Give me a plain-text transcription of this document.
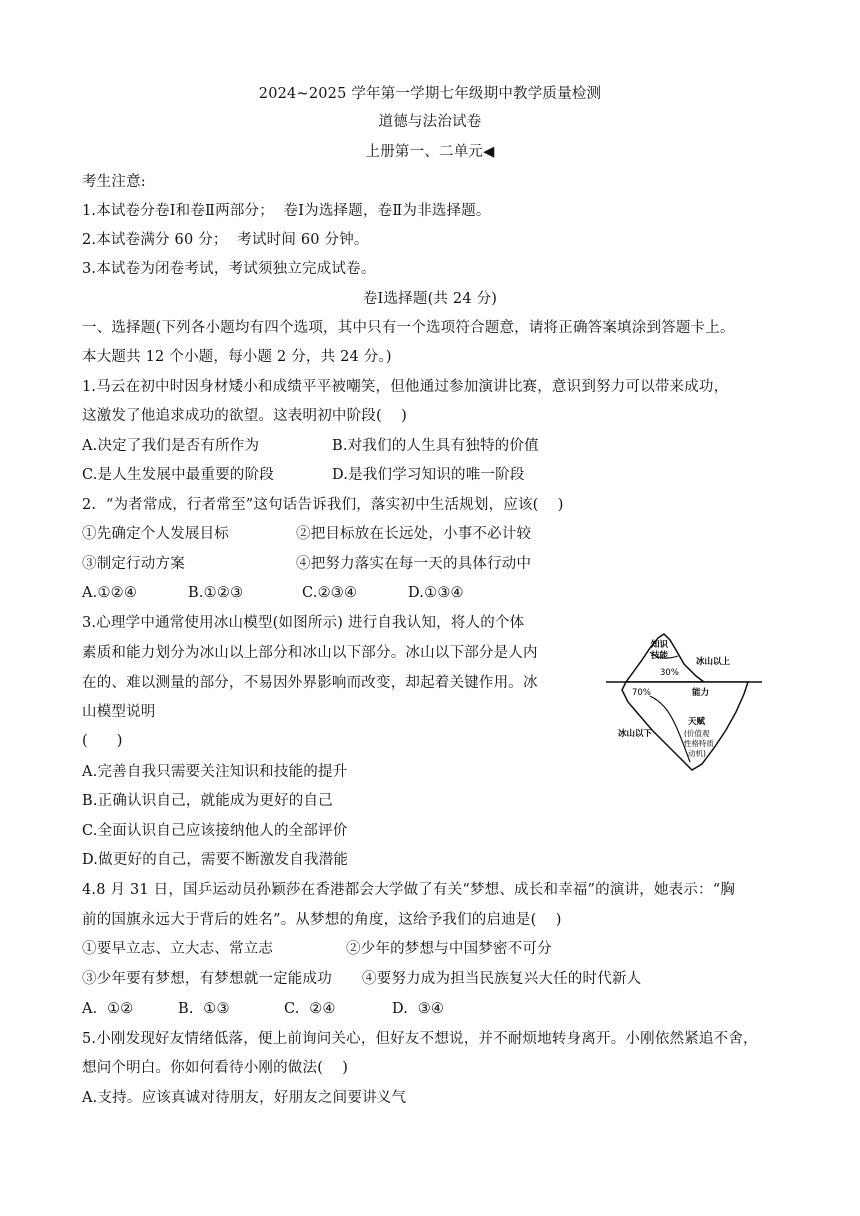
2024~2025 学年第一学期七年级期中教学质量检测
道德与法治试卷
上册第一、二单元◀
考生注意:
1.本试卷分卷Ⅰ和卷Ⅱ两部分；  卷Ⅰ为选择题，卷Ⅱ为非选择题。
2.本试卷满分 60 分；  考试时间 60 分钟。
3.本试卷为闭卷考试，考试须独立完成试卷。
卷Ⅰ选择题(共 24 分)
一、选择题(下列各小题均有四个选项，其中只有一个选项符合题意，请将正确答案填涂到答题卡上。
本大题共 12 个小题，每小题 2 分，共 24 分。)
1.马云在初中时因身材矮小和成绩平平被嘲笑，但他通过参加演讲比赛，意识到努力可以带来成功，
这激发了他追求成功的欲望。这表明初中阶段(    )
A.决定了我们是否有所作为	B.对我们的人生具有独特的价值
C.是人生发展中最重要的阶段	D.是我们学习知识的唯一阶段
2.  “为者常成，行者常至”这句话告诉我们，落实初中生活规划，应该(    )
①先确定个人发展目标	②把目标放在长远处，小事不必计较
③制定行动方案	④把努力落实在每一天的具体行动中
A.①②④	B.①②③	C.②③④	D.①③④
3.心理学中通常使用冰山模型(如图所示) 进行自我认知，将人的个体
素质和能力划分为冰山以上部分和冰山以下部分。冰山以下部分是人内
在的、难以测量的部分，不易因外界影响而改变，却起着关键作用。冰
山模型说明
(      )
A.完善自我只需要关注知识和技能的提升
B.正确认识自己，就能成为更好的自己
C.全面认识自己应该接纳他人的全部评价
D.做更好的自己，需要不断激发自我潜能
知识
技能
30%
冰山以上
70%	能力
天赋
(价值观
性格特质
动机)
冰山以下
4.8 月 31 日，国乒运动员孙颖莎在香港都会大学做了有关“梦想、成长和幸福”的演讲，她表示：“胸
前的国旗永远大于背后的姓名”。从梦想的角度，这给予我们的启迪是(    )
①要早立志、立大志、常立志	②少年的梦想与中国梦密不可分
③少年要有梦想，有梦想就一定能成功 ④要努力成为担当民族复兴大任的时代新人
A.  ①②	B.  ①③	C.  ②④	D.  ③④
5.小刚发现好友情绪低落，便上前询问关心，但好友不想说，并不耐烦地转身离开。小刚依然紧追不舍，
想问个明白。你如何看待小刚的做法(    )
A.支持。应该真诚对待朋友，好朋友之间要讲义气
